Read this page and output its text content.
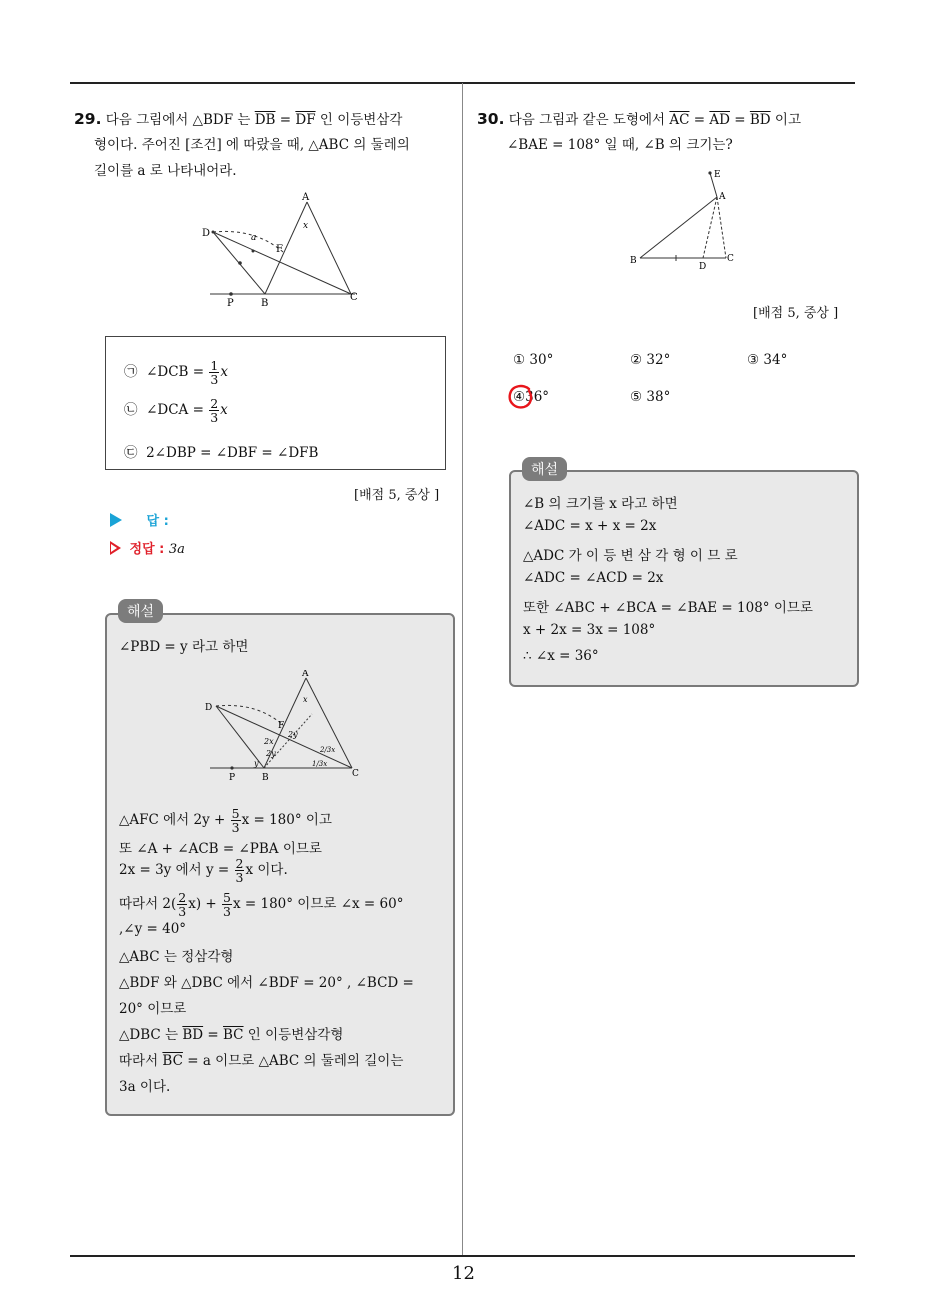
29. 다음 그림에서 △BDF 는 $\overline{DB} = \overline{DF}$ 인 이등변삼각
형이다. 주어진 [조건] 에 따랐을 때, △ABC 의 둘레의
길이를 a 로 나타내어라.
D
A
F
P	B
C
x
a
㉠ ∠DCB = $\frac{1}{3}$ x
㉡ ∠DCA = $\frac{2}{3}$ x
㉢ 2∠DBP = ∠DBF = ∠DFB
[배점 5, 중상 ]
답 :
정답 : 3a
∠PBD = y 라고 하면
D
A
F
P	B	C
x
2x
2y
2y
y
2/3x
1/3x
△AFC 에서 $2y + \frac{5}{3}$ x = 180° 이고
또 ∠A + ∠ACB = ∠PBA 이므로
2x = 3y 에서 $y = \frac{2}{3}$ x 이다.
따라서 $2( \frac{2}{3} x) + \frac{5}{3}$ x = 180° 이므로 ∠x = 60°
,∠y = 40°
△ABC 는 정삼각형
△BDF 와 △DBC 에서 ∠BDF = 20° , ∠BCD =
20° 이므로
△DBC 는 $\overline{BD} = \overline{BC}$ 인 이등변삼각형
따라서 $\overline{BC} = a$ 이므로 △ABC 의 둘레의 길이는
3a 이다.
해설
30. 다음 그림과 같은 도형에서 $\overline{AC} = \overline{AD} = \overline{BD}$ 이고
∠BAE = 108° 일 때, ∠B 의 크기는?
E
A
B
D
C
[배점 5, 중상 ]
① 30°	② 32°	③ 34°
④36°	⑤ 38°
∠B 의 크기를 x 라고 하면
∠ADC = x + x = 2x
△ADC 가 이 등 변 삼 각 형 이 므 로
∠ADC = ∠ACD = 2x
또한 ∠ABC + ∠BCA = ∠BAE = 108° 이므로
x + 2x = 3x = 108°
∴ ∠x = 36°
해설
12
